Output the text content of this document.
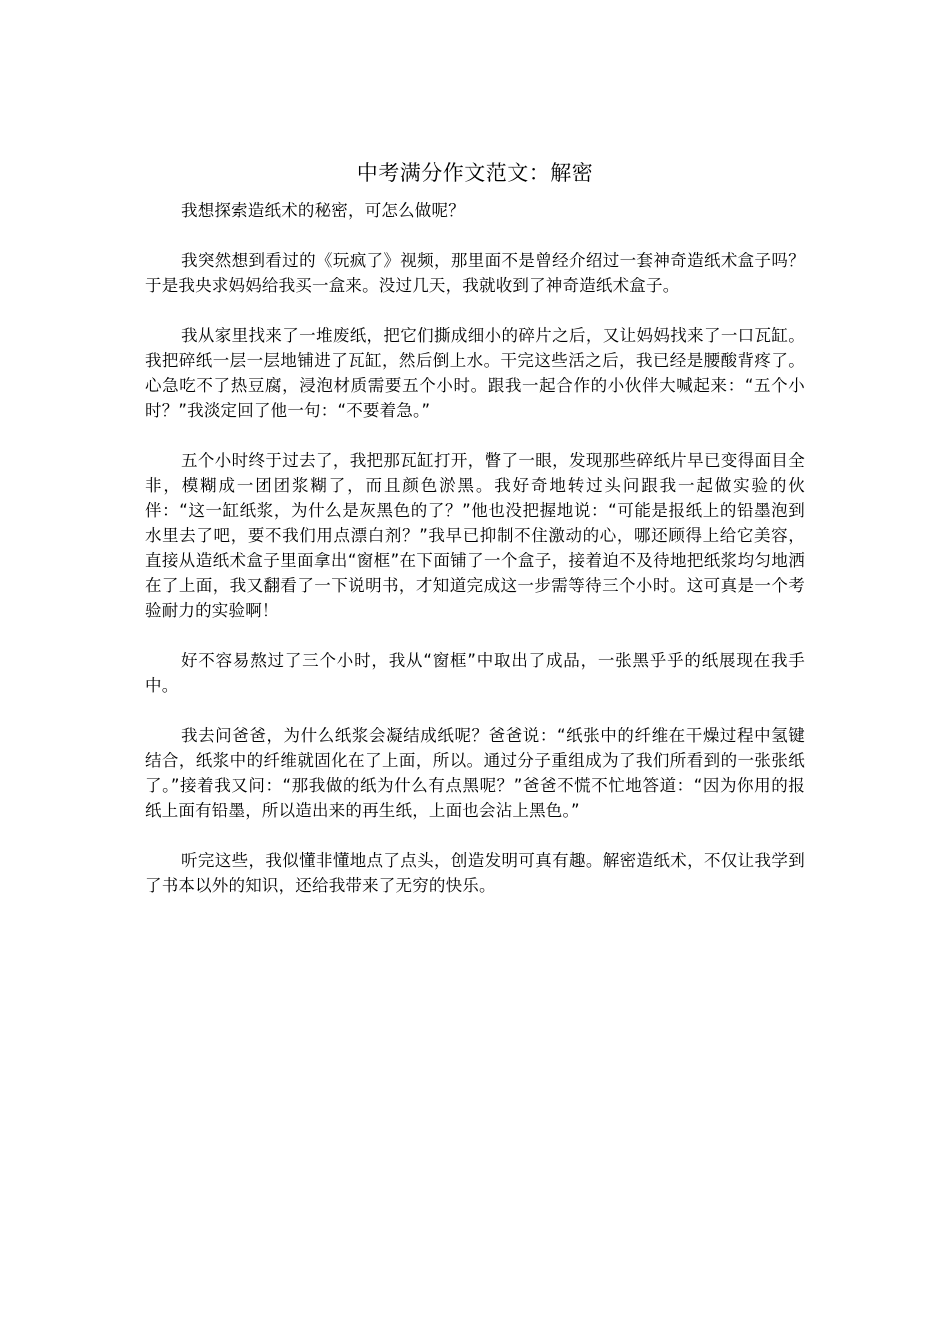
中考满分作文范文：解密

我想探索造纸术的秘密，可怎么做呢？

我突然想到看过的《玩疯了》视频，那里面不是曾经介绍过一套神奇造纸术盒子吗？于是我央求妈妈给我买一盒来。没过几天，我就收到了神奇造纸术盒子。

我从家里找来了一堆废纸，把它们撕成细小的碎片之后，又让妈妈找来了一口瓦缸。我把碎纸一层一层地铺进了瓦缸，然后倒上水。干完这些活之后，我已经是腰酸背疼了。心急吃不了热豆腐，浸泡材质需要五个小时。跟我一起合作的小伙伴大喊起来：“五个小时？”我淡定回了他一句：“不要着急。”

五个小时终于过去了，我把那瓦缸打开，瞥了一眼，发现那些碎纸片早已变得面目全非，模糊成一团团浆糊了，而且颜色淤黑。我好奇地转过头问跟我一起做实验的伙伴：“这一缸纸浆，为什么是灰黑色的了？”他也没把握地说：“可能是报纸上的铅墨泡到水里去了吧，要不我们用点漂白剂？”我早已抑制不住激动的心，哪还顾得上给它美容，直接从造纸术盒子里面拿出“窗框”在下面铺了一个盒子，接着迫不及待地把纸浆均匀地洒在了上面，我又翻看了一下说明书，才知道完成这一步需等待三个小时。这可真是一个考验耐力的实验啊！

好不容易熬过了三个小时，我从“窗框”中取出了成品，一张黑乎乎的纸展现在我手中。

我去问爸爸，为什么纸浆会凝结成纸呢？爸爸说：“纸张中的纤维在干燥过程中氢键结合，纸浆中的纤维就固化在了上面，所以。通过分子重组成为了我们所看到的一张张纸了。”接着我又问：“那我做的纸为什么有点黑呢？”爸爸不慌不忙地答道：“因为你用的报纸上面有铅墨，所以造出来的再生纸，上面也会沾上黑色。”

听完这些，我似懂非懂地点了点头，创造发明可真有趣。解密造纸术，不仅让我学到了书本以外的知识，还给我带来了无穷的快乐。
